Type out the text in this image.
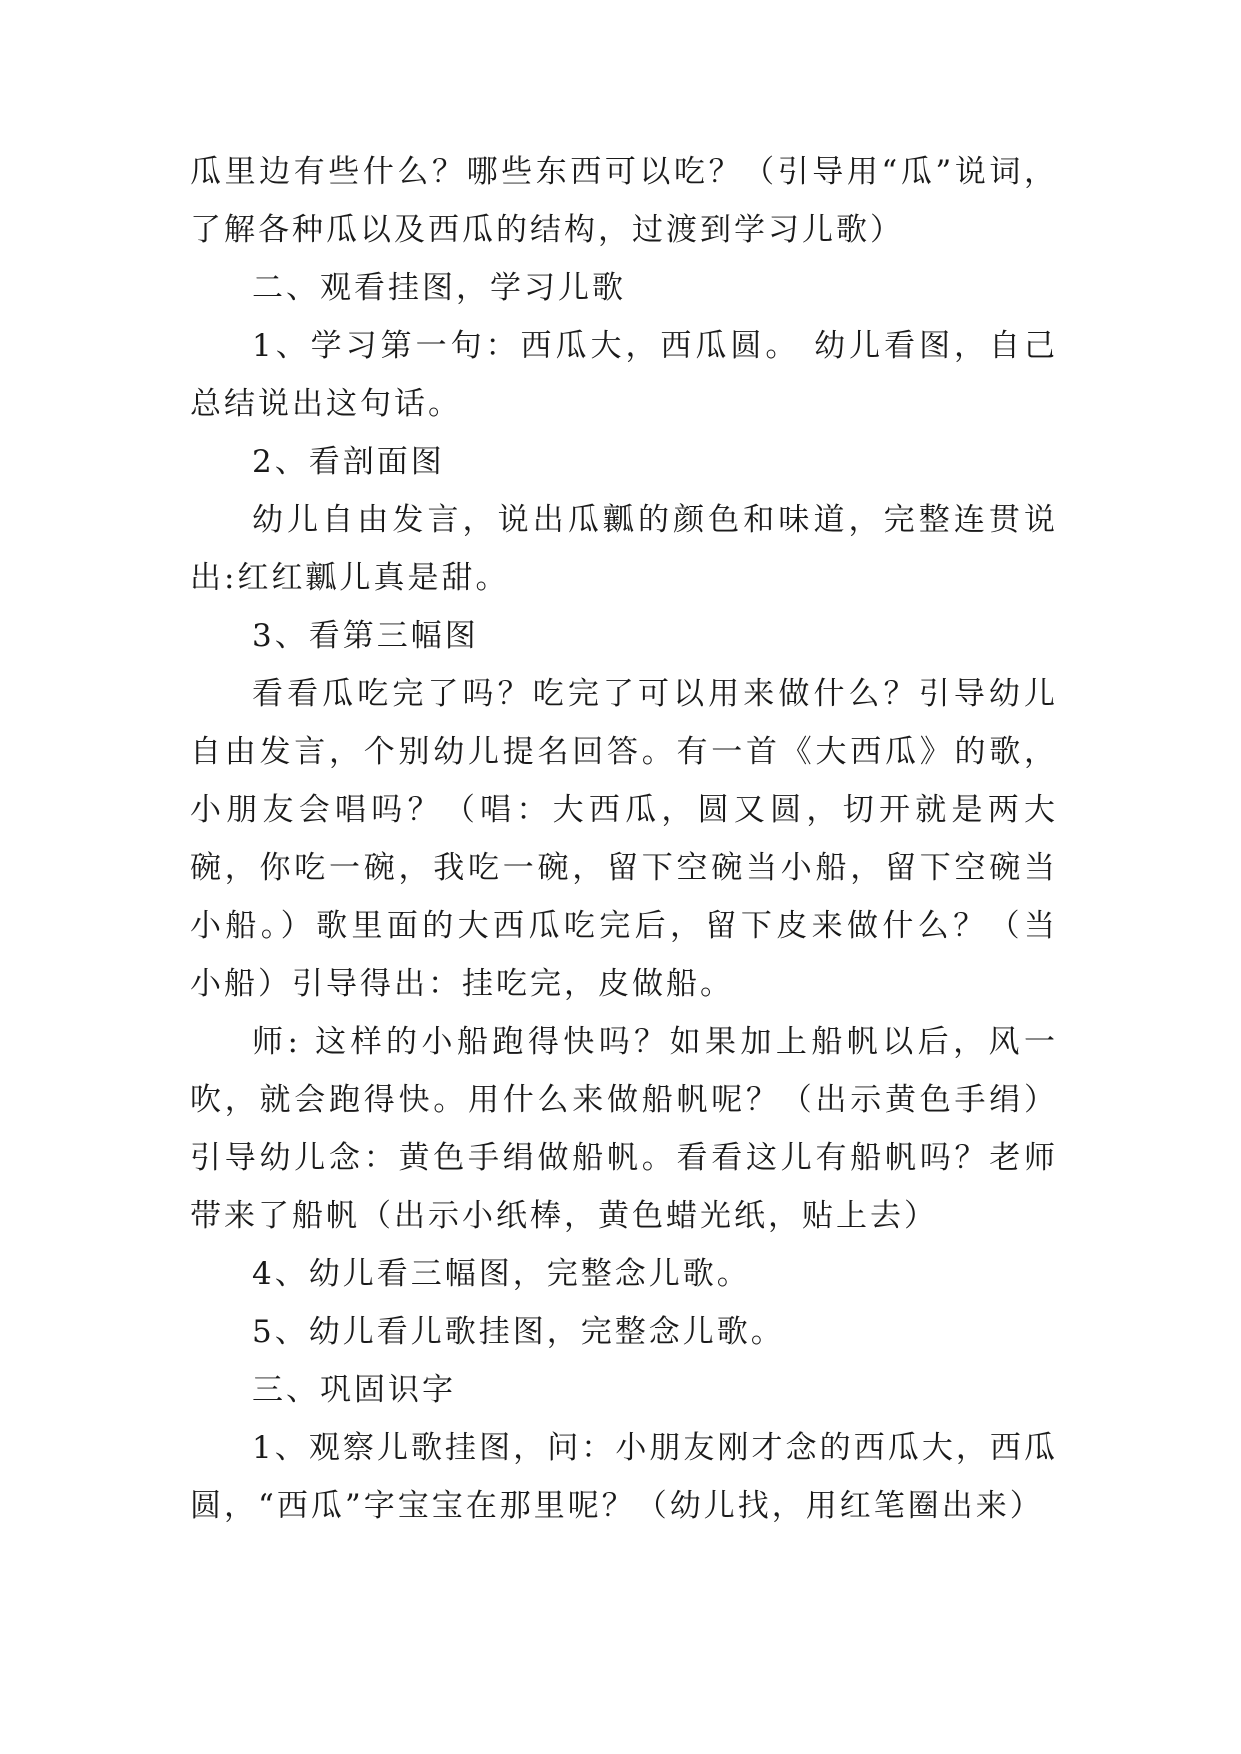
瓜里边有些什么？哪些东西可以吃？（引导用“瓜”说词，了解各种瓜以及西瓜的结构，过渡到学习儿歌）

二、观看挂图，学习儿歌

1、学习第一句：西瓜大，西瓜圆。 幼儿看图，自己总结说出这句话。

2、看剖面图

幼儿自由发言，说出瓜瓤的颜色和味道，完整连贯说出:红红瓤儿真是甜。

3、看第三幅图

看看瓜吃完了吗？吃完了可以用来做什么？引导幼儿自由发言，个别幼儿提名回答。有一首《大西瓜》的歌，小朋友会唱吗？（唱：大西瓜，圆又圆，切开就是两大碗，你吃一碗，我吃一碗，留下空碗当小船，留下空碗当小船。）歌里面的大西瓜吃完后，留下皮来做什么？（当小船）引导得出：挂吃完，皮做船。

师: 这样的小船跑得快吗？如果加上船帆以后，风一吹，就会跑得快。用什么来做船帆呢？（出示黄色手绢）引导幼儿念：黄色手绢做船帆。看看这儿有船帆吗？老师带来了船帆（出示小纸棒，黄色蜡光纸，贴上去）

4、幼儿看三幅图，完整念儿歌。

5、幼儿看儿歌挂图，完整念儿歌。

三、巩固识字

1、观察儿歌挂图，问：小朋友刚才念的西瓜大，西瓜圆，“西瓜”字宝宝在那里呢？（幼儿找，用红笔圈出来）
